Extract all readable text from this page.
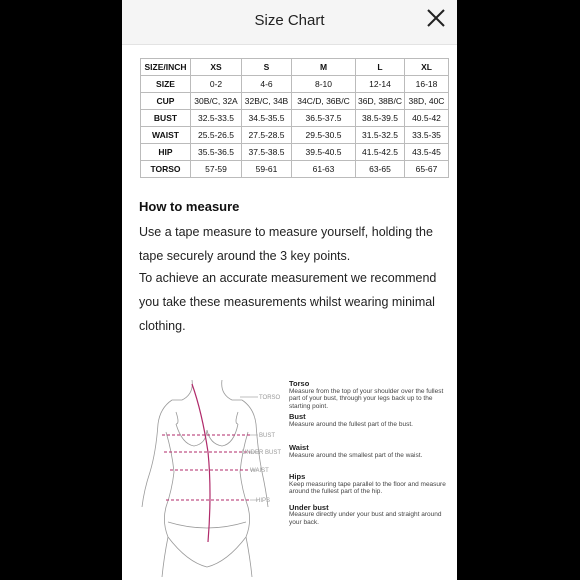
Size Chart
SIZE/INCH	XS	S	M	L	XL
SIZE	0-2	4-6	8-10	12-14	16-18
CUP	30B/C, 32A	32B/C, 34B	34C/D, 36B/C	36D, 38B/C	38D, 40C
BUST	32.5-33.5	34.5-35.5	36.5-37.5	38.5-39.5	40.5-42
WAIST	25.5-26.5	27.5-28.5	29.5-30.5	31.5-32.5	33.5-35
HIP	35.5-36.5	37.5-38.5	39.5-40.5	41.5-42.5	43.5-45
TORSO	57-59	59-61	61-63	63-65	65-67
How to measure
Use a tape measure to measure yourself, holding the tape securely around the 3 key points.
To achieve an accurate measurement we recommend you take these measurements whilst wearing minimal clothing.
TORSO
BUST
UNDER BUST
WAIST
HIPS
Torso
Measure from the top of your shoulder over the fullest part of your bust, through your legs back up to the starting point.
Bust
Measure around the fullest part of the bust.
Waist
Measure around the smallest part of the waist.
Hips
Keep measuring tape parallel to the floor and measure around the fullest part of the hip.
Under bust
Measure directly under your bust and straight around your back.
